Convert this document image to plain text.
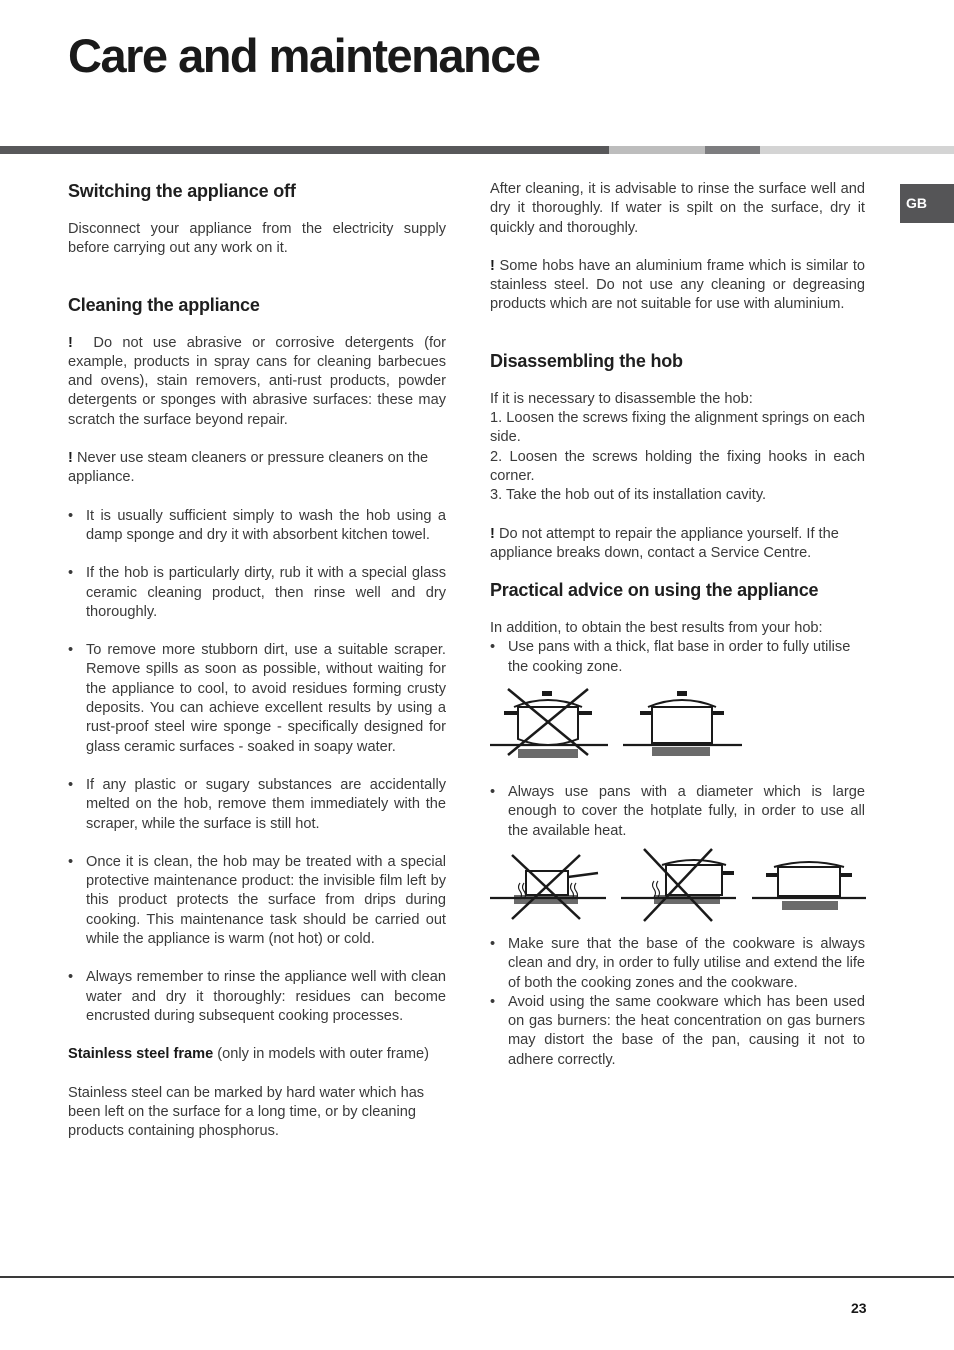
Care and maintenance
GB
Switching the appliance off

Disconnect your appliance from the electricity supply before carrying out any work on it.

Cleaning the appliance

! Do not use abrasive or corrosive detergents (for example, products in spray cans for cleaning barbecues and ovens), stain removers, anti-rust products, powder detergents or sponges with abrasive surfaces: these may scratch the surface beyond repair.

! Never use steam cleaners or pressure cleaners on the appliance.

• It is usually sufficient simply to wash the hob using a damp sponge and dry it with absorbent kitchen towel.
• If the hob is particularly dirty, rub it with a special glass ceramic cleaning product, then rinse well and dry thoroughly.
• To remove more stubborn dirt, use a suitable scraper. Remove spills as soon as possible, without waiting for the appliance to cool, to avoid residues forming crusty deposits. You can achieve excellent results by using a rust-proof steel wire sponge - specifically designed for glass ceramic surfaces - soaked in soapy water.
• If any plastic or sugary substances are accidentally melted on the hob, remove them immediately with the scraper, while the surface is still hot.
• Once it is clean, the hob may be treated with a special protective maintenance product: the invisible film left by this product protects the surface from drips during cooking. This maintenance task should be carried out while the appliance is warm (not hot) or cold.
• Always remember to rinse the appliance well with clean water and dry it thoroughly: residues can become encrusted during subsequent cooking processes.

Stainless steel frame (only in models with outer frame)

Stainless steel can be marked by hard water which has been left on the surface for a long time, or by cleaning products containing phosphorus.

After cleaning, it is advisable to rinse the surface well and dry it thoroughly. If water is spilt on the surface, dry it quickly and thoroughly.

! Some hobs have an aluminium frame which is similar to stainless steel. Do not use any cleaning or degreasing products which are not suitable for use with aluminium.

Disassembling the hob

If it is necessary to disassemble the hob:

1. Loosen the screws fixing the alignment springs on each side.

2. Loosen the screws holding the fixing hooks in each corner.

3. Take the hob out of its installation cavity.

! Do not attempt to repair the appliance yourself. If the appliance breaks down, contact a Service Centre.

Practical advice on using the appliance

In addition, to obtain the best results from your hob:

• Use pans with a thick, flat base in order to fully utilise the cooking zone.
• Always use pans with a diameter which is large enough to cover the hotplate fully, in order to use all the available heat.
• Make sure that the base of the cookware is always clean and dry, in order to fully utilise and extend the life of both the cooking zones and the cookware.
• Avoid using the same cookware which has been used on gas burners: the heat concentration on gas burners may distort the base of the pan, causing it not to adhere correctly.
23
